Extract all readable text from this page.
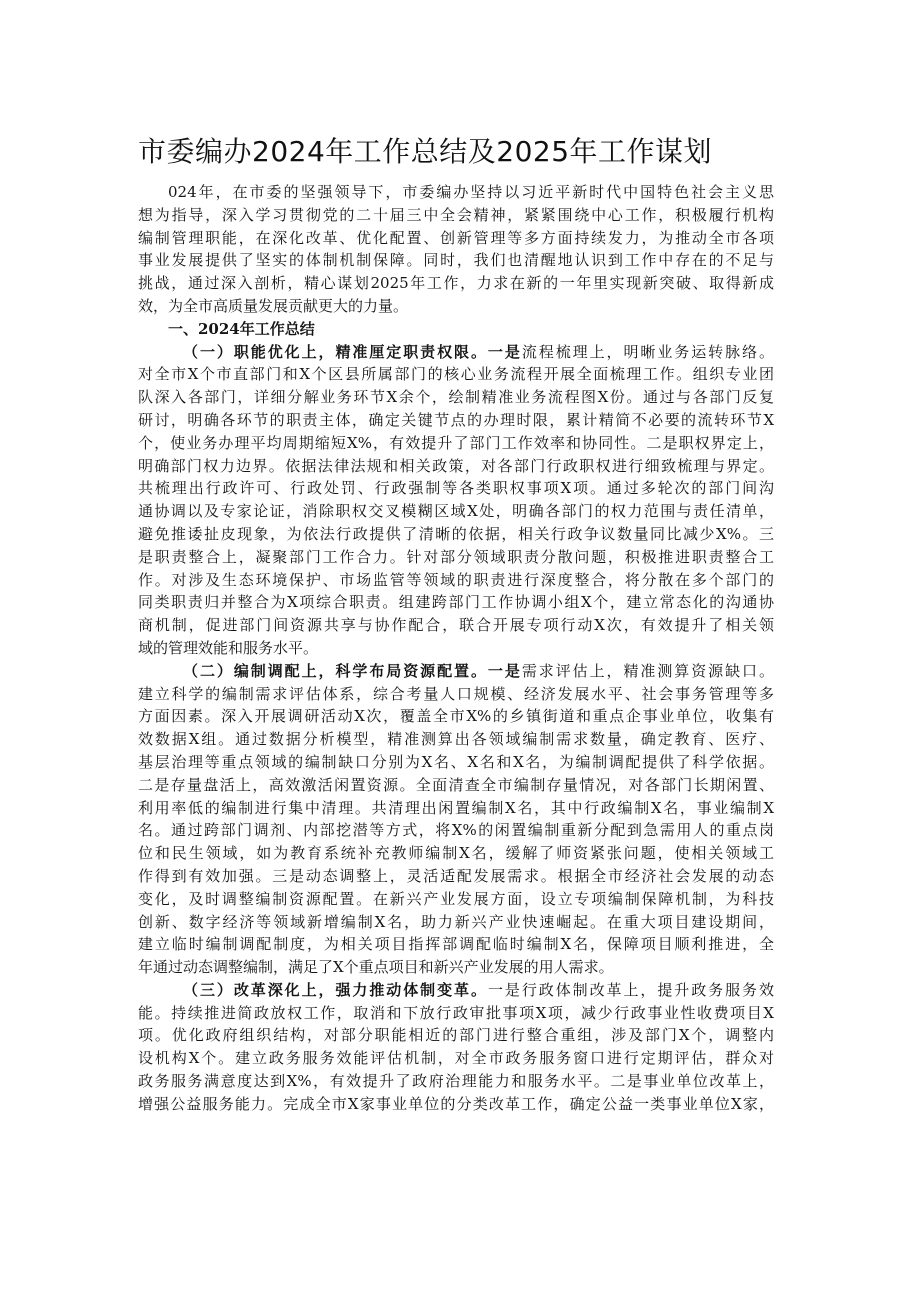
市委编办2024年工作总结及2025年工作谋划
024年，在市委的坚强领导下，市委编办坚持以习近平新时代中国特色社会主义思
想为指导，深入学习贯彻党的二十届三中全会精神，紧紧围绕中心工作，积极履行机构
编制管理职能，在深化改革、优化配置、创新管理等多方面持续发力，为推动全市各项
事业发展提供了坚实的体制机制保障。同时，我们也清醒地认识到工作中存在的不足与
挑战，通过深入剖析，精心谋划2025年工作，力求在新的一年里实现新突破、取得新成
效，为全市高质量发展贡献更大的力量。
一、2024年工作总结
（一）职能优化上，精准厘定职责权限。一是流程梳理上，明晰业务运转脉络。
对全市X个市直部门和X个区县所属部门的核心业务流程开展全面梳理工作。组织专业团
队深入各部门，详细分解业务环节X余个，绘制精准业务流程图X份。通过与各部门反复
研讨，明确各环节的职责主体，确定关键节点的办理时限，累计精简不必要的流转环节X
个，使业务办理平均周期缩短X%，有效提升了部门工作效率和协同性。二是职权界定上，
明确部门权力边界。依据法律法规和相关政策，对各部门行政职权进行细致梳理与界定。
共梳理出行政许可、行政处罚、行政强制等各类职权事项X项。通过多轮次的部门间沟
通协调以及专家论证，消除职权交叉模糊区域X处，明确各部门的权力范围与责任清单，
避免推诿扯皮现象，为依法行政提供了清晰的依据，相关行政争议数量同比减少X%。三
是职责整合上，凝聚部门工作合力。针对部分领域职责分散问题，积极推进职责整合工
作。对涉及生态环境保护、市场监管等领域的职责进行深度整合，将分散在多个部门的
同类职责归并整合为X项综合职责。组建跨部门工作协调小组X个，建立常态化的沟通协
商机制，促进部门间资源共享与协作配合，联合开展专项行动X次，有效提升了相关领
域的管理效能和服务水平。
（二）编制调配上，科学布局资源配置。一是需求评估上，精准测算资源缺口。
建立科学的编制需求评估体系，综合考量人口规模、经济发展水平、社会事务管理等多
方面因素。深入开展调研活动X次，覆盖全市X%的乡镇街道和重点企事业单位，收集有
效数据X组。通过数据分析模型，精准测算出各领域编制需求数量，确定教育、医疗、
基层治理等重点领域的编制缺口分别为X名、X名和X名，为编制调配提供了科学依据。
二是存量盘活上，高效激活闲置资源。全面清查全市编制存量情况，对各部门长期闲置、
利用率低的编制进行集中清理。共清理出闲置编制X名，其中行政编制X名，事业编制X
名。通过跨部门调剂、内部挖潜等方式，将X%的闲置编制重新分配到急需用人的重点岗
位和民生领域，如为教育系统补充教师编制X名，缓解了师资紧张问题，使相关领域工
作得到有效加强。三是动态调整上，灵活适配发展需求。根据全市经济社会发展的动态
变化，及时调整编制资源配置。在新兴产业发展方面，设立专项编制保障机制，为科技
创新、数字经济等领域新增编制X名，助力新兴产业快速崛起。在重大项目建设期间，
建立临时编制调配制度，为相关项目指挥部调配临时编制X名，保障项目顺利推进，全
年通过动态调整编制，满足了X个重点项目和新兴产业发展的用人需求。
（三）改革深化上，强力推动体制变革。一是行政体制改革上，提升政务服务效
能。持续推进简政放权工作，取消和下放行政审批事项X项，减少行政事业性收费项目X
项。优化政府组织结构，对部分职能相近的部门进行整合重组，涉及部门X个，调整内
设机构X个。建立政务服务效能评估机制，对全市政务服务窗口进行定期评估，群众对
政务服务满意度达到X%，有效提升了政府治理能力和服务水平。二是事业单位改革上，
增强公益服务能力。完成全市X家事业单位的分类改革工作，确定公益一类事业单位X家，
